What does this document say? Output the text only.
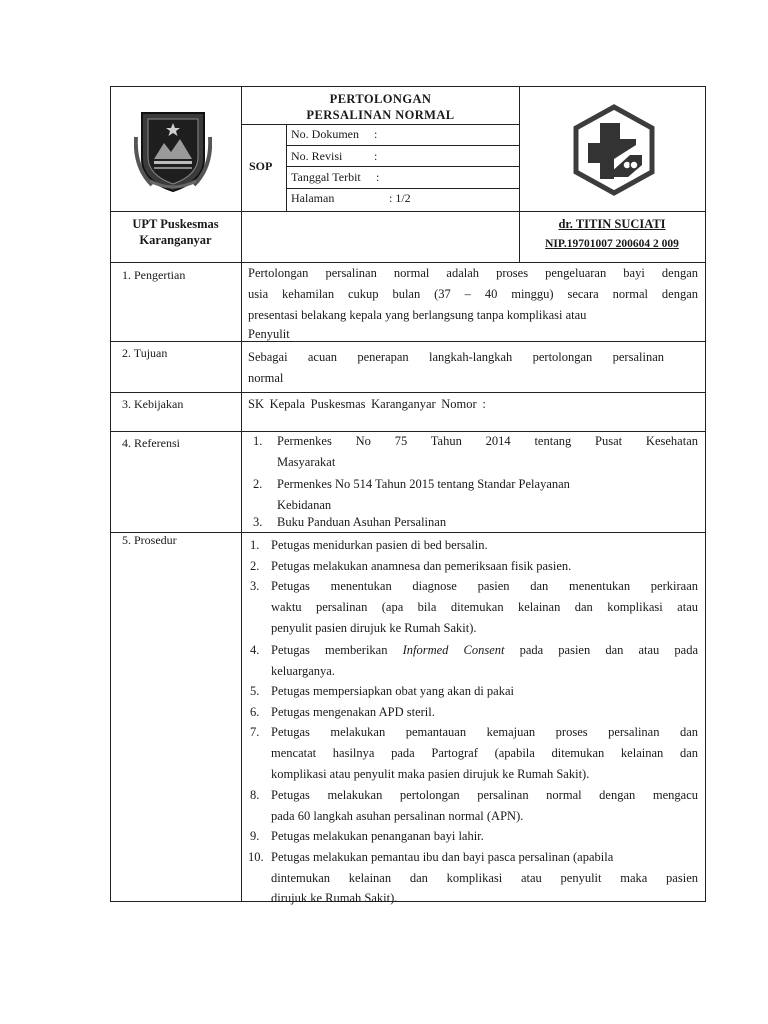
PERTOLONGAN
PERSALINAN NORMAL
SOP
No. Dokumen :
No. Revisi	:
Tanggal Terbit :
Halaman	: 1/2
UPT Puskesmas
Karanganyar
dr. TITIN SUCIATI
NIP.19701007 200604 2 009
1. Pengertian	Pertolongan persalinan normal adalah proses pengeluaran bayi dengan
usia kehamilan cukup bulan (37 – 40 minggu) secara normal dengan
presentasi belakang kepala yang berlangsung tanpa komplikasi atau
Penyulit
2. Tujuan	Sebagai acuan penerapan langkah-langkah pertolongan persalinan
normal
3. Kebijakan	SK Kepala Puskesmas Karanganyar Nomor :
4. Referensi	1. Permenkes No 75 Tahun 2014 tentang Pusat Kesehatan
Masyarakat
2. Permenkes No 514 Tahun 2015 tentang Standar Pelayanan
Kebidanan
3. Buku Panduan Asuhan Persalinan
5. Prosedur	1. Petugas menidurkan pasien di bed bersalin.
2. Petugas melakukan anamnesa dan pemeriksaan fisik pasien.
3. Petugas menentukan diagnose pasien dan menentukan perkiraan
waktu persalinan (apa bila ditemukan kelainan dan komplikasi atau
penyulit pasien dirujuk ke Rumah Sakit).
4. Petugas memberikan Informed Consent pada pasien dan atau pada
keluarganya.
5. Petugas mempersiapkan obat yang akan di pakai
6. Petugas mengenakan APD steril.
7. Petugas melakukan pemantauan kemajuan proses persalinan dan
mencatat hasilnya pada Partograf (apabila ditemukan kelainan dan
komplikasi atau penyulit maka pasien dirujuk ke Rumah Sakit).
8. Petugas melakukan pertolongan persalinan normal dengan mengacu
pada 60 langkah asuhan persalinan normal (APN).
9. Petugas melakukan penanganan bayi lahir.
10. Petugas melakukan pemantau ibu dan bayi pasca persalinan (apabila
dintemukan kelainan dan komplikasi atau penyulit maka pasien
dirujuk ke Rumah Sakit).
